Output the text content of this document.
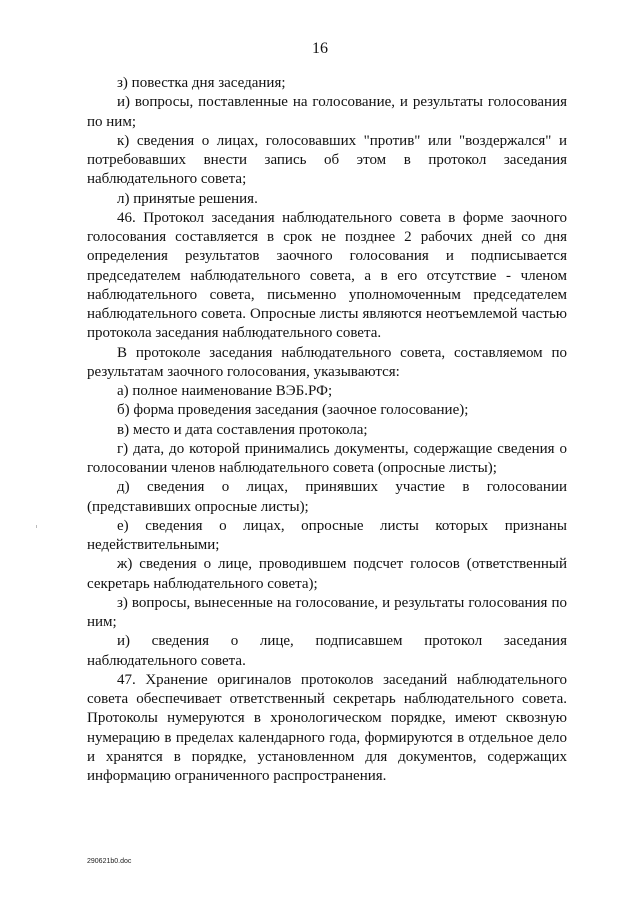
16

з) повестка дня заседания;

и) вопросы, поставленные на голосование, и результаты голосования по ним;

к) сведения о лицах, голосовавших "против" или "воздержался" и потребовавших внести запись об этом в протокол заседания наблюдательного совета;

л) принятые решения.

46. Протокол заседания наблюдательного совета в форме заочного голосования составляется в срок не позднее 2 рабочих дней со дня определения результатов заочного голосования и подписывается председателем наблюдательного совета, а в его отсутствие - членом наблюдательного совета, письменно уполномоченным председателем наблюдательного совета. Опросные листы являются неотъемлемой частью протокола заседания наблюдательного совета.

В протоколе заседания наблюдательного совета, составляемом по результатам заочного голосования, указываются:

а) полное наименование ВЭБ.РФ;

б) форма проведения заседания (заочное голосование);

в) место и дата составления протокола;

г) дата, до которой принимались документы, содержащие сведения о голосовании членов наблюдательного совета (опросные листы);

д) сведения о лицах, принявших участие в голосовании (представивших опросные листы);

е) сведения о лицах, опросные листы которых признаны недействительными;

ж) сведения о лице, проводившем подсчет голосов (ответственный секретарь наблюдательного совета);

з) вопросы, вынесенные на голосование, и результаты голосования по ним;

и) сведения о лице, подписавшем протокол заседания наблюдательного совета.

47. Хранение оригиналов протоколов заседаний наблюдательного совета обеспечивает ответственный секретарь наблюдательного совета. Протоколы нумеруются в хронологическом порядке, имеют сквозную нумерацию в пределах календарного года, формируются в отдельное дело и хранятся в порядке, установленном для документов, содержащих информацию ограниченного распространения.

290621b0.doc
